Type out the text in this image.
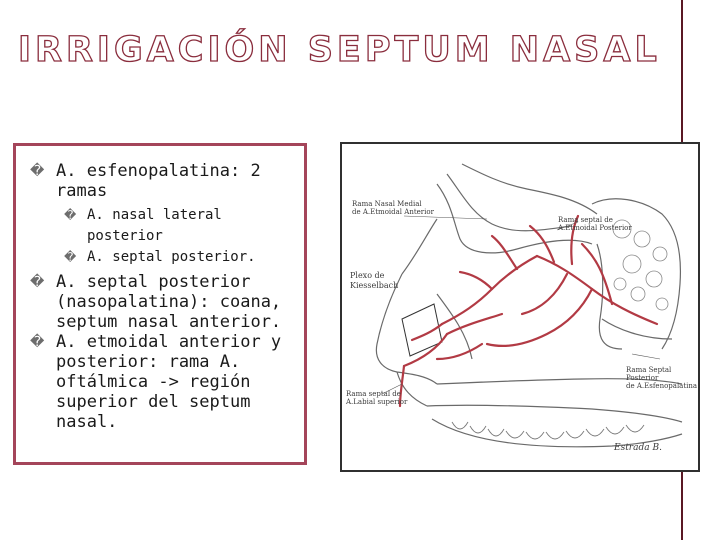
IRRIGACIÓN SEPTUM NASAL
� A. esfenopalatina: 2 ramas
� A. nasal lateral posterior
� A. septal posterior.
� A. septal posterior (nasopalatina): coana, septum nasal anterior.
� A. etmoidal anterior y posterior: rama A. oftálmica -> región superior del septum nasal.
Rama Nasal Medial
de A.Etmoidal Anterior
Rama septal de
A.Etmoidal Posterior
Plexo de
Kiesselbach
Rama septal de
A.Labial superior
Rama Septal Posterior
de A.Esfenopalatina
Estrada B.
